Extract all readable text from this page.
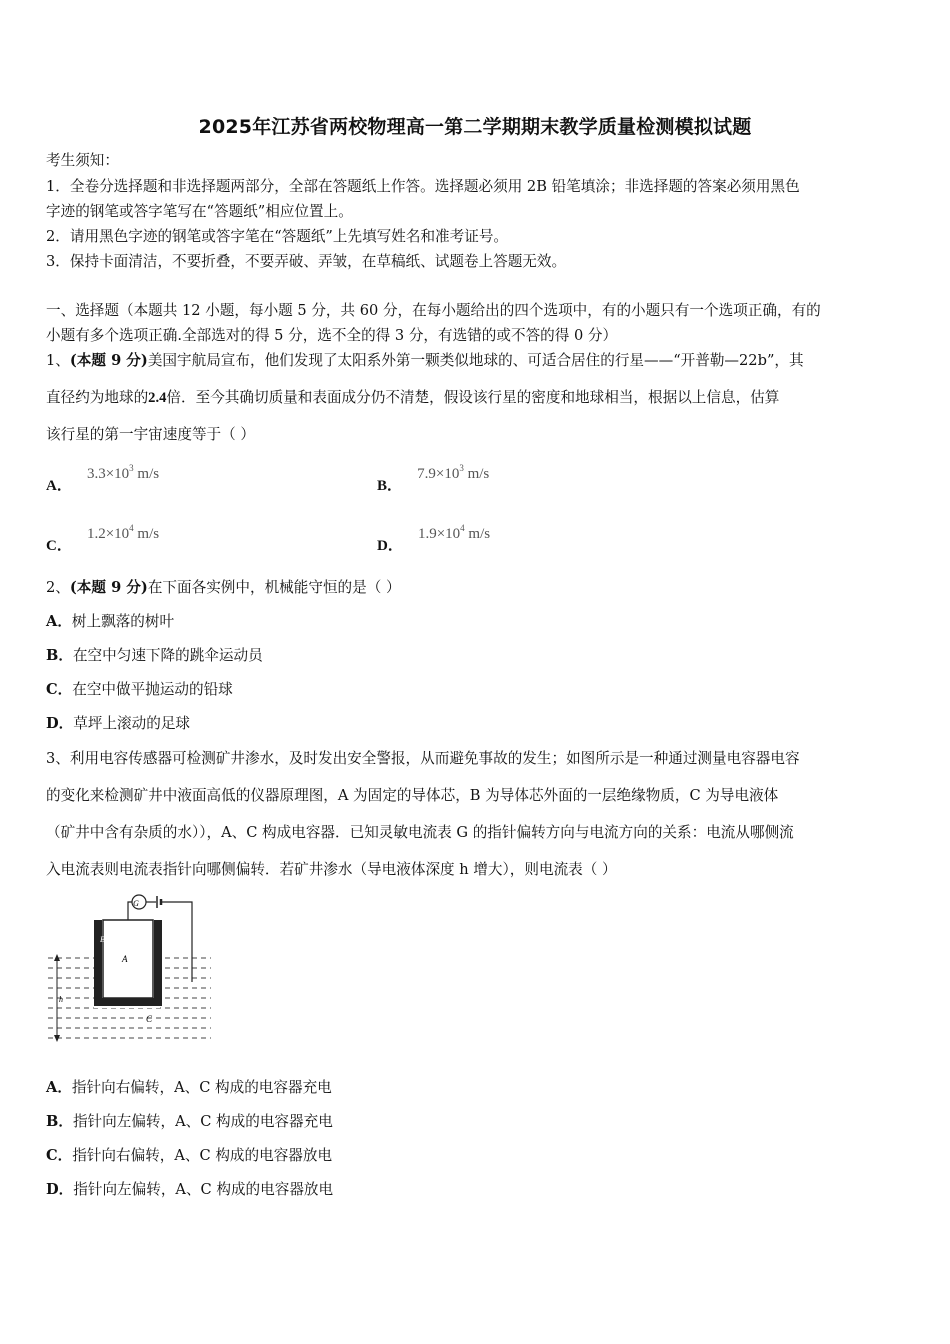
2025年江苏省两校物理高一第二学期期末教学质量检测模拟试题
考生须知：
1．全卷分选择题和非选择题两部分，全部在答题纸上作答。选择题必须用 2B 铅笔填涂；非选择题的答案必须用黑色
字迹的钢笔或答字笔写在“答题纸”相应位置上。
2．请用黑色字迹的钢笔或答字笔在“答题纸”上先填写姓名和准考证号。
3．保持卡面清洁，不要折叠，不要弄破、弄皱，在草稿纸、试题卷上答题无效。
一、选择题（本题共 12 小题，每小题 5 分，共 60 分，在每小题给出的四个选项中，有的小题只有一个选项正确，有的
小题有多个选项正确.全部选对的得 5 分，选不全的得 3 分，有选错的或不答的得 0 分）
1、(本题 9 分)美国宇航局宣布，他们发现了太阳系外第一颗类似地球的、可适合居住的行星——“开普勒—22b”，其
直径约为地球的2.4倍．至今其确切质量和表面成分仍不清楚，假设该行星的密度和地球相当，根据以上信息，估算
该行星的第一宇宙速度等于（ ）
A． $3.3\times 10^3$ m/s
B． $7.9\times 10^3$ m/s
C． $1.2\times 10^4$ m/s
D． $1.9\times 10^4$ m/s
2、(本题 9 分)在下面各实例中，机械能守恒的是（ ）
A．树上飘落的树叶
B．在空中匀速下降的跳伞运动员
C．在空中做平抛运动的铅球
D．草坪上滚动的足球
3、利用电容传感器可检测矿井渗水，及时发出安全警报，从而避免事故的发生；如图所示是一种通过测量电容器电容
的变化来检测矿井中液面高低的仪器原理图，A 为固定的导体芯，B 为导体芯外面的一层绝缘物质，C 为导电液体
（矿井中含有杂质的水）），A、C 构成电容器．已知灵敏电流表 G 的指针偏转方向与电流方向的关系：电流从哪侧流
入电流表则电流表指针向哪侧偏转．若矿井渗水（导电液体深度 h 增大），则电流表（ ）
G
A
B
C
h
A．指针向右偏转，A、C 构成的电容器充电
B．指针向左偏转，A、C 构成的电容器充电
C．指针向右偏转，A、C 构成的电容器放电
D．指针向左偏转，A、C 构成的电容器放电
